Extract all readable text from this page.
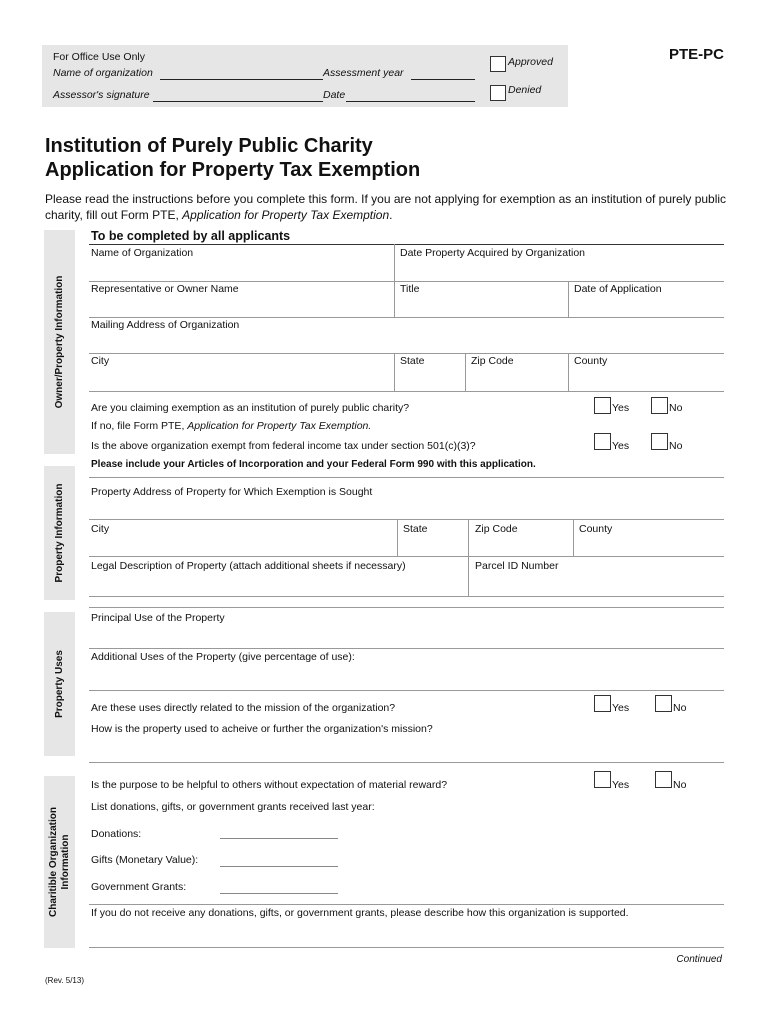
For Office Use Only
Name of organization	Assessment year
Assessor's signature	Date
Approved
Denied
PTE-PC
Institution of Purely Public Charity
Application for Property Tax Exemption
Please read the instructions before you complete this form. If you are not applying for exemption as an institution of purely public charity, fill out Form PTE, Application for Property Tax Exemption.
Owner/Property Information
Property Information
Property Uses
Charitible Organization Information
To be completed by all applicants
Name of Organization	Date Property Acquired by Organization
Representative or Owner Name	Title	Date of Application
Mailing Address of Organization
City	State	Zip Code	County
Are you claiming exemption as an institution of purely public charity?	Yes	No
If no, file Form PTE, Application for Property Tax Exemption.
Is the above organization exempt from federal income tax under section 501(c)(3)?	Yes	No
Please include your Articles of Incorporation and your Federal Form 990 with this application.
Property Address of Property for Which Exemption is Sought
City	State	Zip Code	County
Legal Description of Property (attach additional sheets if necessary)	Parcel ID Number
Principal Use of the Property
Additional Uses of the Property (give percentage of use):
Are these uses directly related to the mission of the organization?	Yes	No
How is the property used to acheive or further the organization's mission?
Is the purpose to be helpful to others without expectation of material reward?	Yes	No
List donations, gifts, or government grants received last year:
Donations:
Gifts (Monetary Value):
Government Grants:
If you do not receive any donations, gifts, or government grants, please describe how this organization is supported.
Continued
(Rev. 5/13)
